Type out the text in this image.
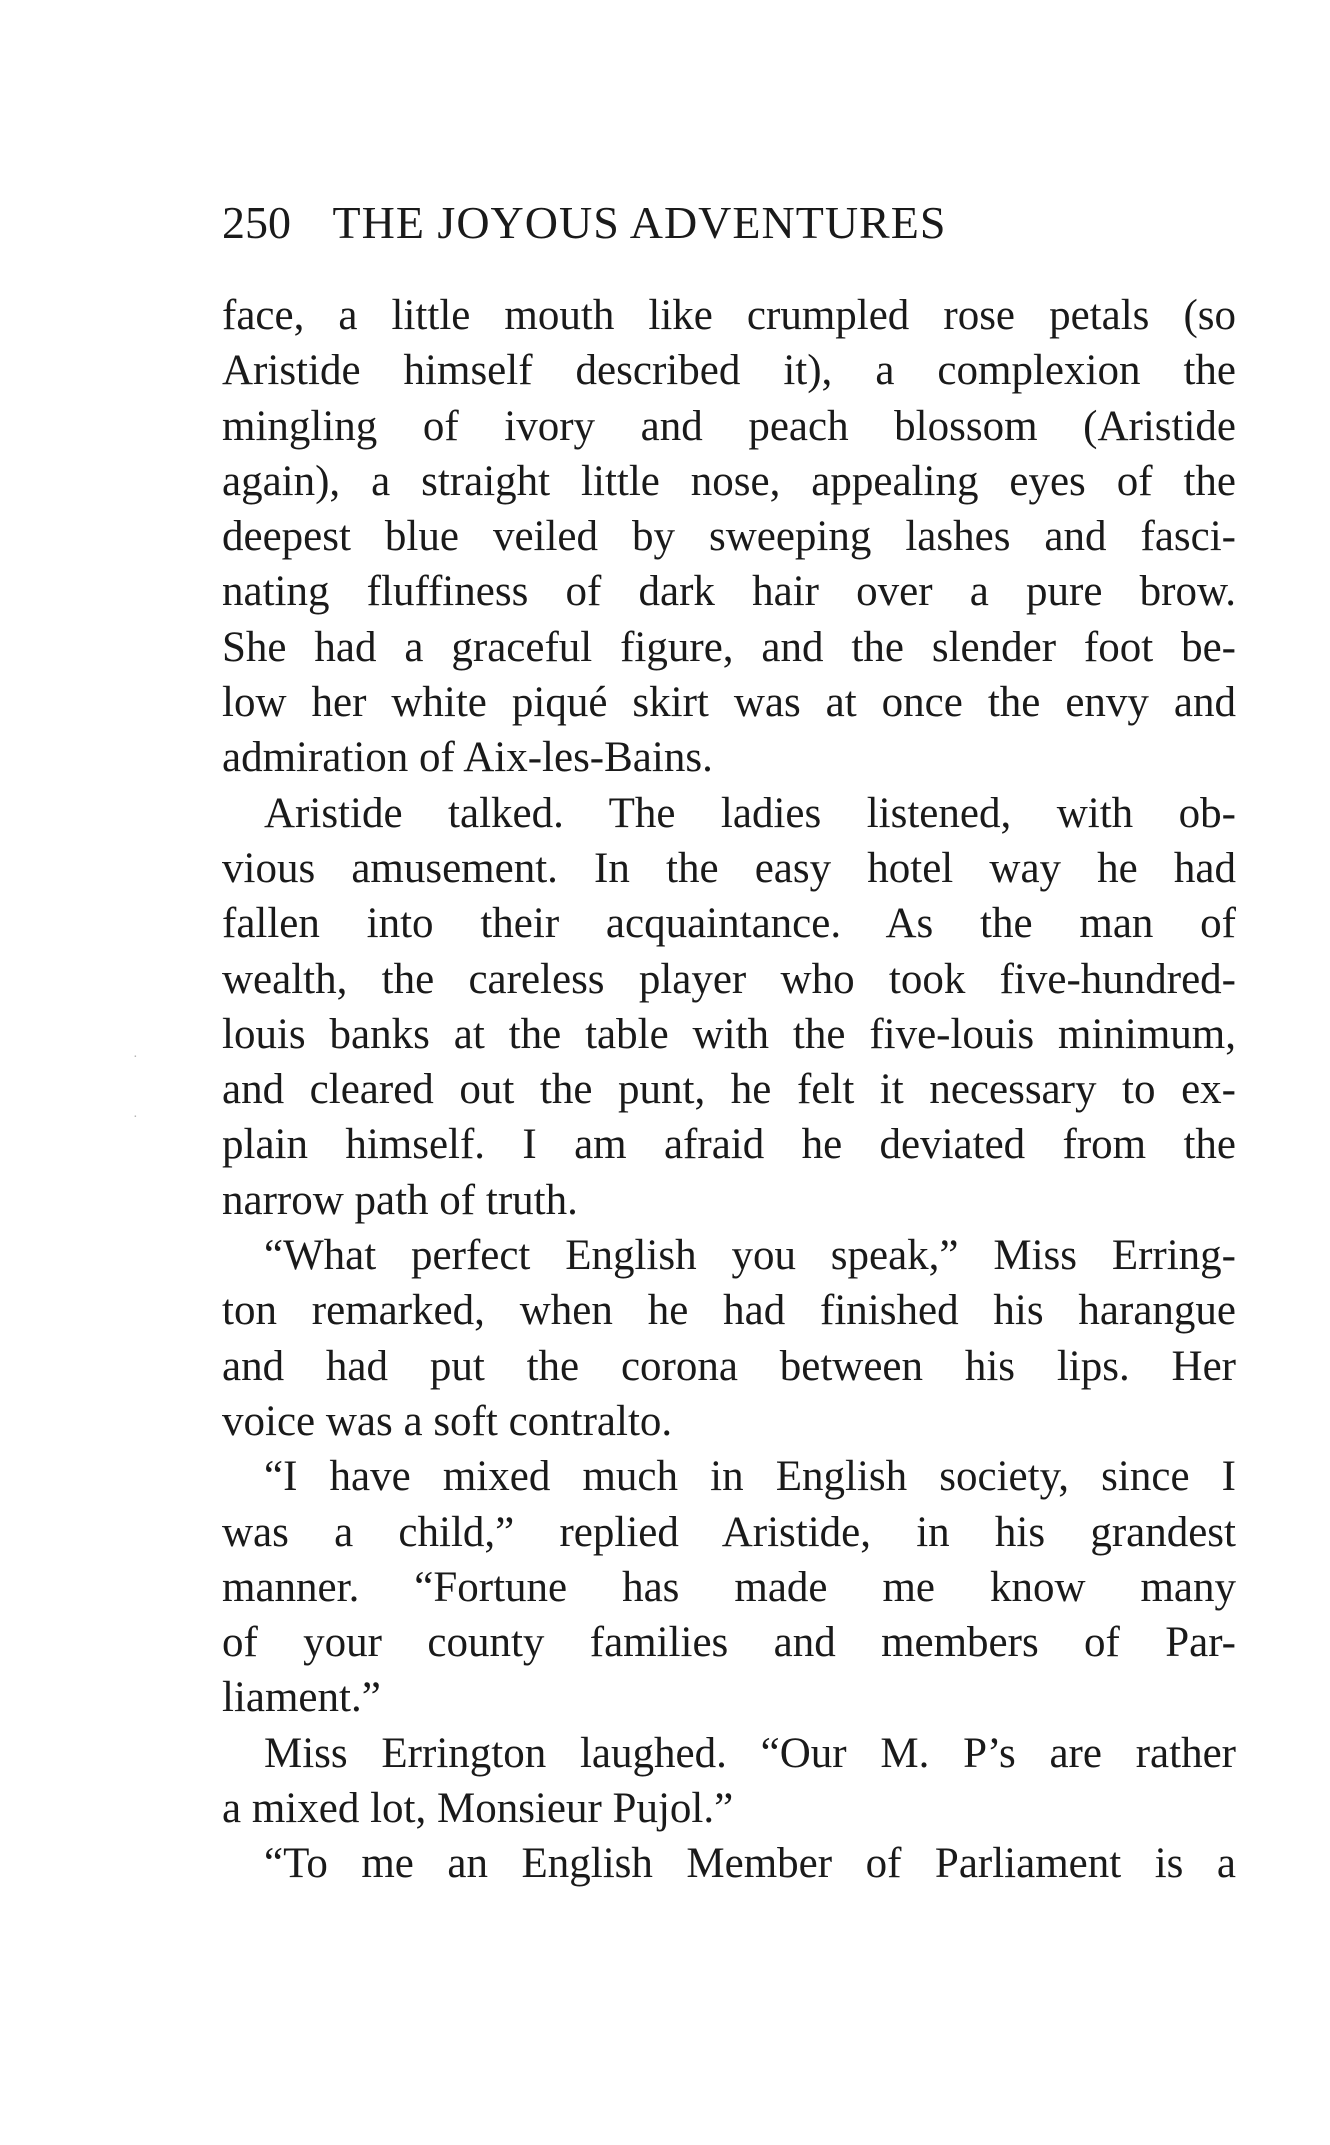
250 THE JOYOUS ADVENTURES
face, a little mouth like crumpled rose petals (so
Aristide himself described it), a complexion the
mingling of ivory and peach blossom (Aristide
again), a straight little nose, appealing eyes of the
deepest blue veiled by sweeping lashes and fasci-
nating fluffiness of dark hair over a pure brow.
She had a graceful figure, and the slender foot be-
low her white piqué skirt was at once the envy and
admiration of Aix-les-Bains.
Aristide talked. The ladies listened, with ob-
vious amusement. In the easy hotel way he had
fallen into their acquaintance. As the man of
wealth, the careless player who took five-hundred-
louis banks at the table with the five-louis minimum,
and cleared out the punt, he felt it necessary to ex-
plain himself. I am afraid he deviated from the
narrow path of truth.
“What perfect English you speak,” Miss Erring-
ton remarked, when he had finished his harangue
and had put the corona between his lips. Her
voice was a soft contralto.
“I have mixed much in English society, since I
was a child,” replied Aristide, in his grandest
manner. “Fortune has made me know many
of your county families and members of Par-
liament.”
Miss Errington laughed. “Our M. P’s are rather
a mixed lot, Monsieur Pujol.”
“To me an English Member of Parliament is a
·
·
